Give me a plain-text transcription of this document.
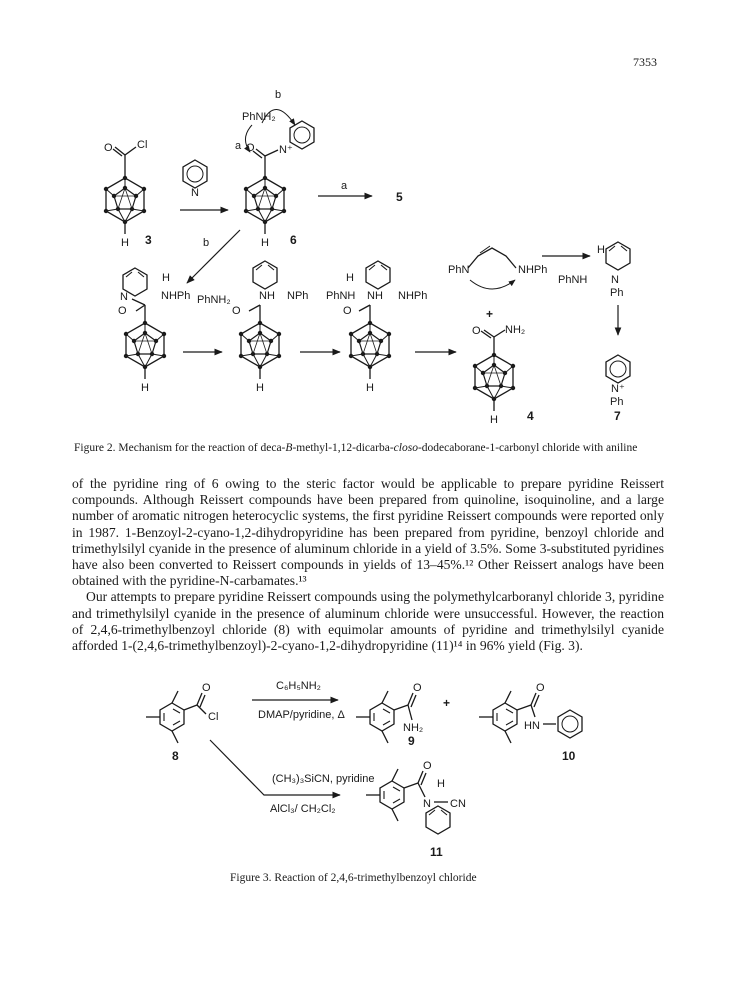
7353
O Cl
H 3
N
O N⁺
PhNH₂
b
a
H 6
a
5
b
O
N
H
NHPh
H
PhNH₂
O
NH NPh
H
O
H
PhNH NH NHPh
H
PhN	NHPh
+
O NH₂
H 4
H
PhNH N
Ph
N⁺
Ph
7
O
Cl
8
C₆H₅NH₂
DMAP/pyridine, Δ
O
NH₂
9
+
O
HN
10
(CH₃)₃SiCN, pyridine
AlCl₃/ CH₂Cl₂
O
H
N CN
11
Figure 2. Mechanism for the reaction of deca-B-methyl-1,12-dicarba-closo-dodecaborane-1-carbonyl chloride with aniline

of the pyridine ring of 6 owing to the steric factor would be applicable to prepare pyridine Reissert compounds. Although Reissert compounds have been prepared from quinoline, isoquinoline, and a large number of aromatic nitrogen heterocyclic systems, the first pyridine Reissert compounds were reported only in 1987. 1-Benzoyl-2-cyano-1,2-dihydropyridine has been prepared from pyridine, benzoyl chloride and trimethylsilyl cyanide in the presence of aluminum chloride in a yield of 3.5%. Some 3-substituted pyridines have also been converted to Reissert compounds in yields of 13–45%.¹² Other Reissert analogs have been obtained with the pyridine-N-carbamates.¹³

Our attempts to prepare pyridine Reissert compounds using the polymethylcarboranyl chloride 3, pyridine and trimethylsilyl cyanide in the presence of aluminum chloride were unsuccessful. However, the reaction of 2,4,6-trimethylbenzoyl chloride (8) with equimolar amounts of pyridine and trimethylsilyl cyanide afforded 1-(2,4,6-trimethylbenzoyl)-2-cyano-1,2-dihydropyridine (11)¹⁴ in 96% yield (Fig. 3).

Figure 3. Reaction of 2,4,6-trimethylbenzoyl chloride
